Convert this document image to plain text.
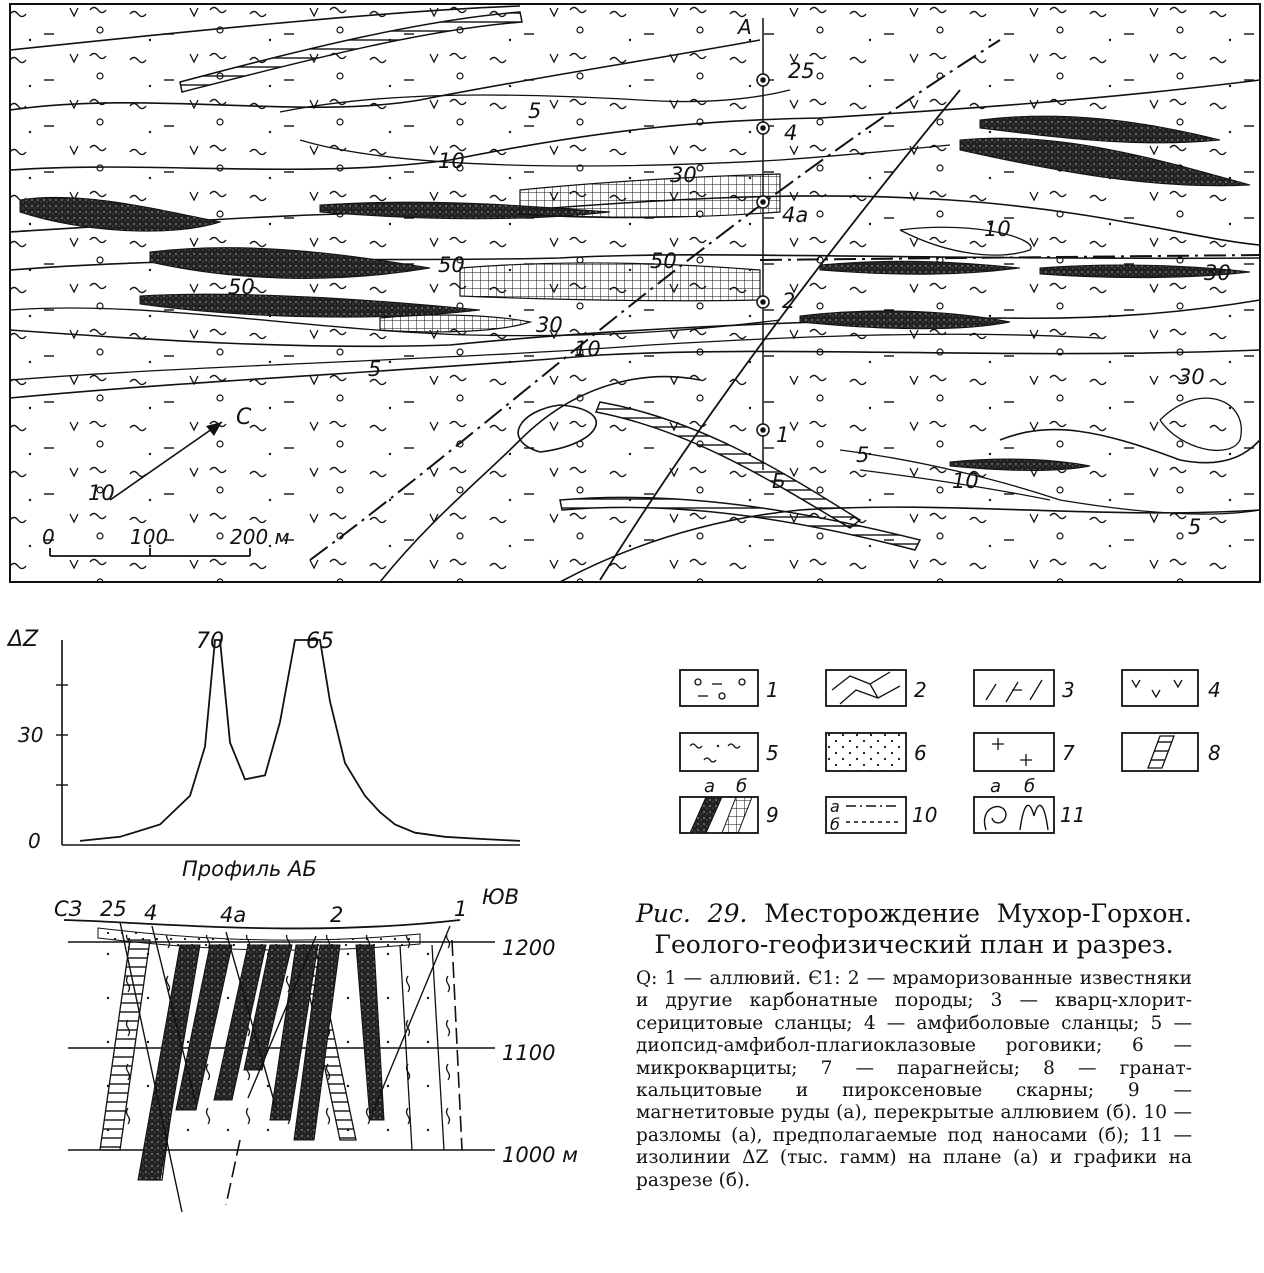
А
Б
25
4
4а
2
1
5
10
30
50
50
50
30
10
5
10
30
30
5
10
5
С
10
0	100	200 м
ΔZ
30
0
70	65
Профиль АБ
СЗ	ЮВ
25 4	4а	2	1
1200
1100
1000 м
1	2	3	4
5	6	7	8
а б
9	а
б	10
а б
11
Рис. 29. Месторождение Мухор-Горхон. Геолого-геофизический план и разрез.
Q: 1 — аллювий. Є1: 2 — мраморизованные известняки и другие карбонатные породы; 3 — кварц-хлорит-серицитовые сланцы; 4 — амфиболовые сланцы; 5 — диопсид-амфибол-плагиоклазовые роговики; 6 — микрокварциты; 7 — парагнейсы; 8 — гранат-кальцитовые и пироксеновые скарны; 9 — магнетитовые руды (а), перекрытые аллювием (б). 10 — разломы (а), предполагаемые под наносами (б); 11 — изолинии ΔZ (тыс. гамм) на плане (а) и графики на разрезе (б).
